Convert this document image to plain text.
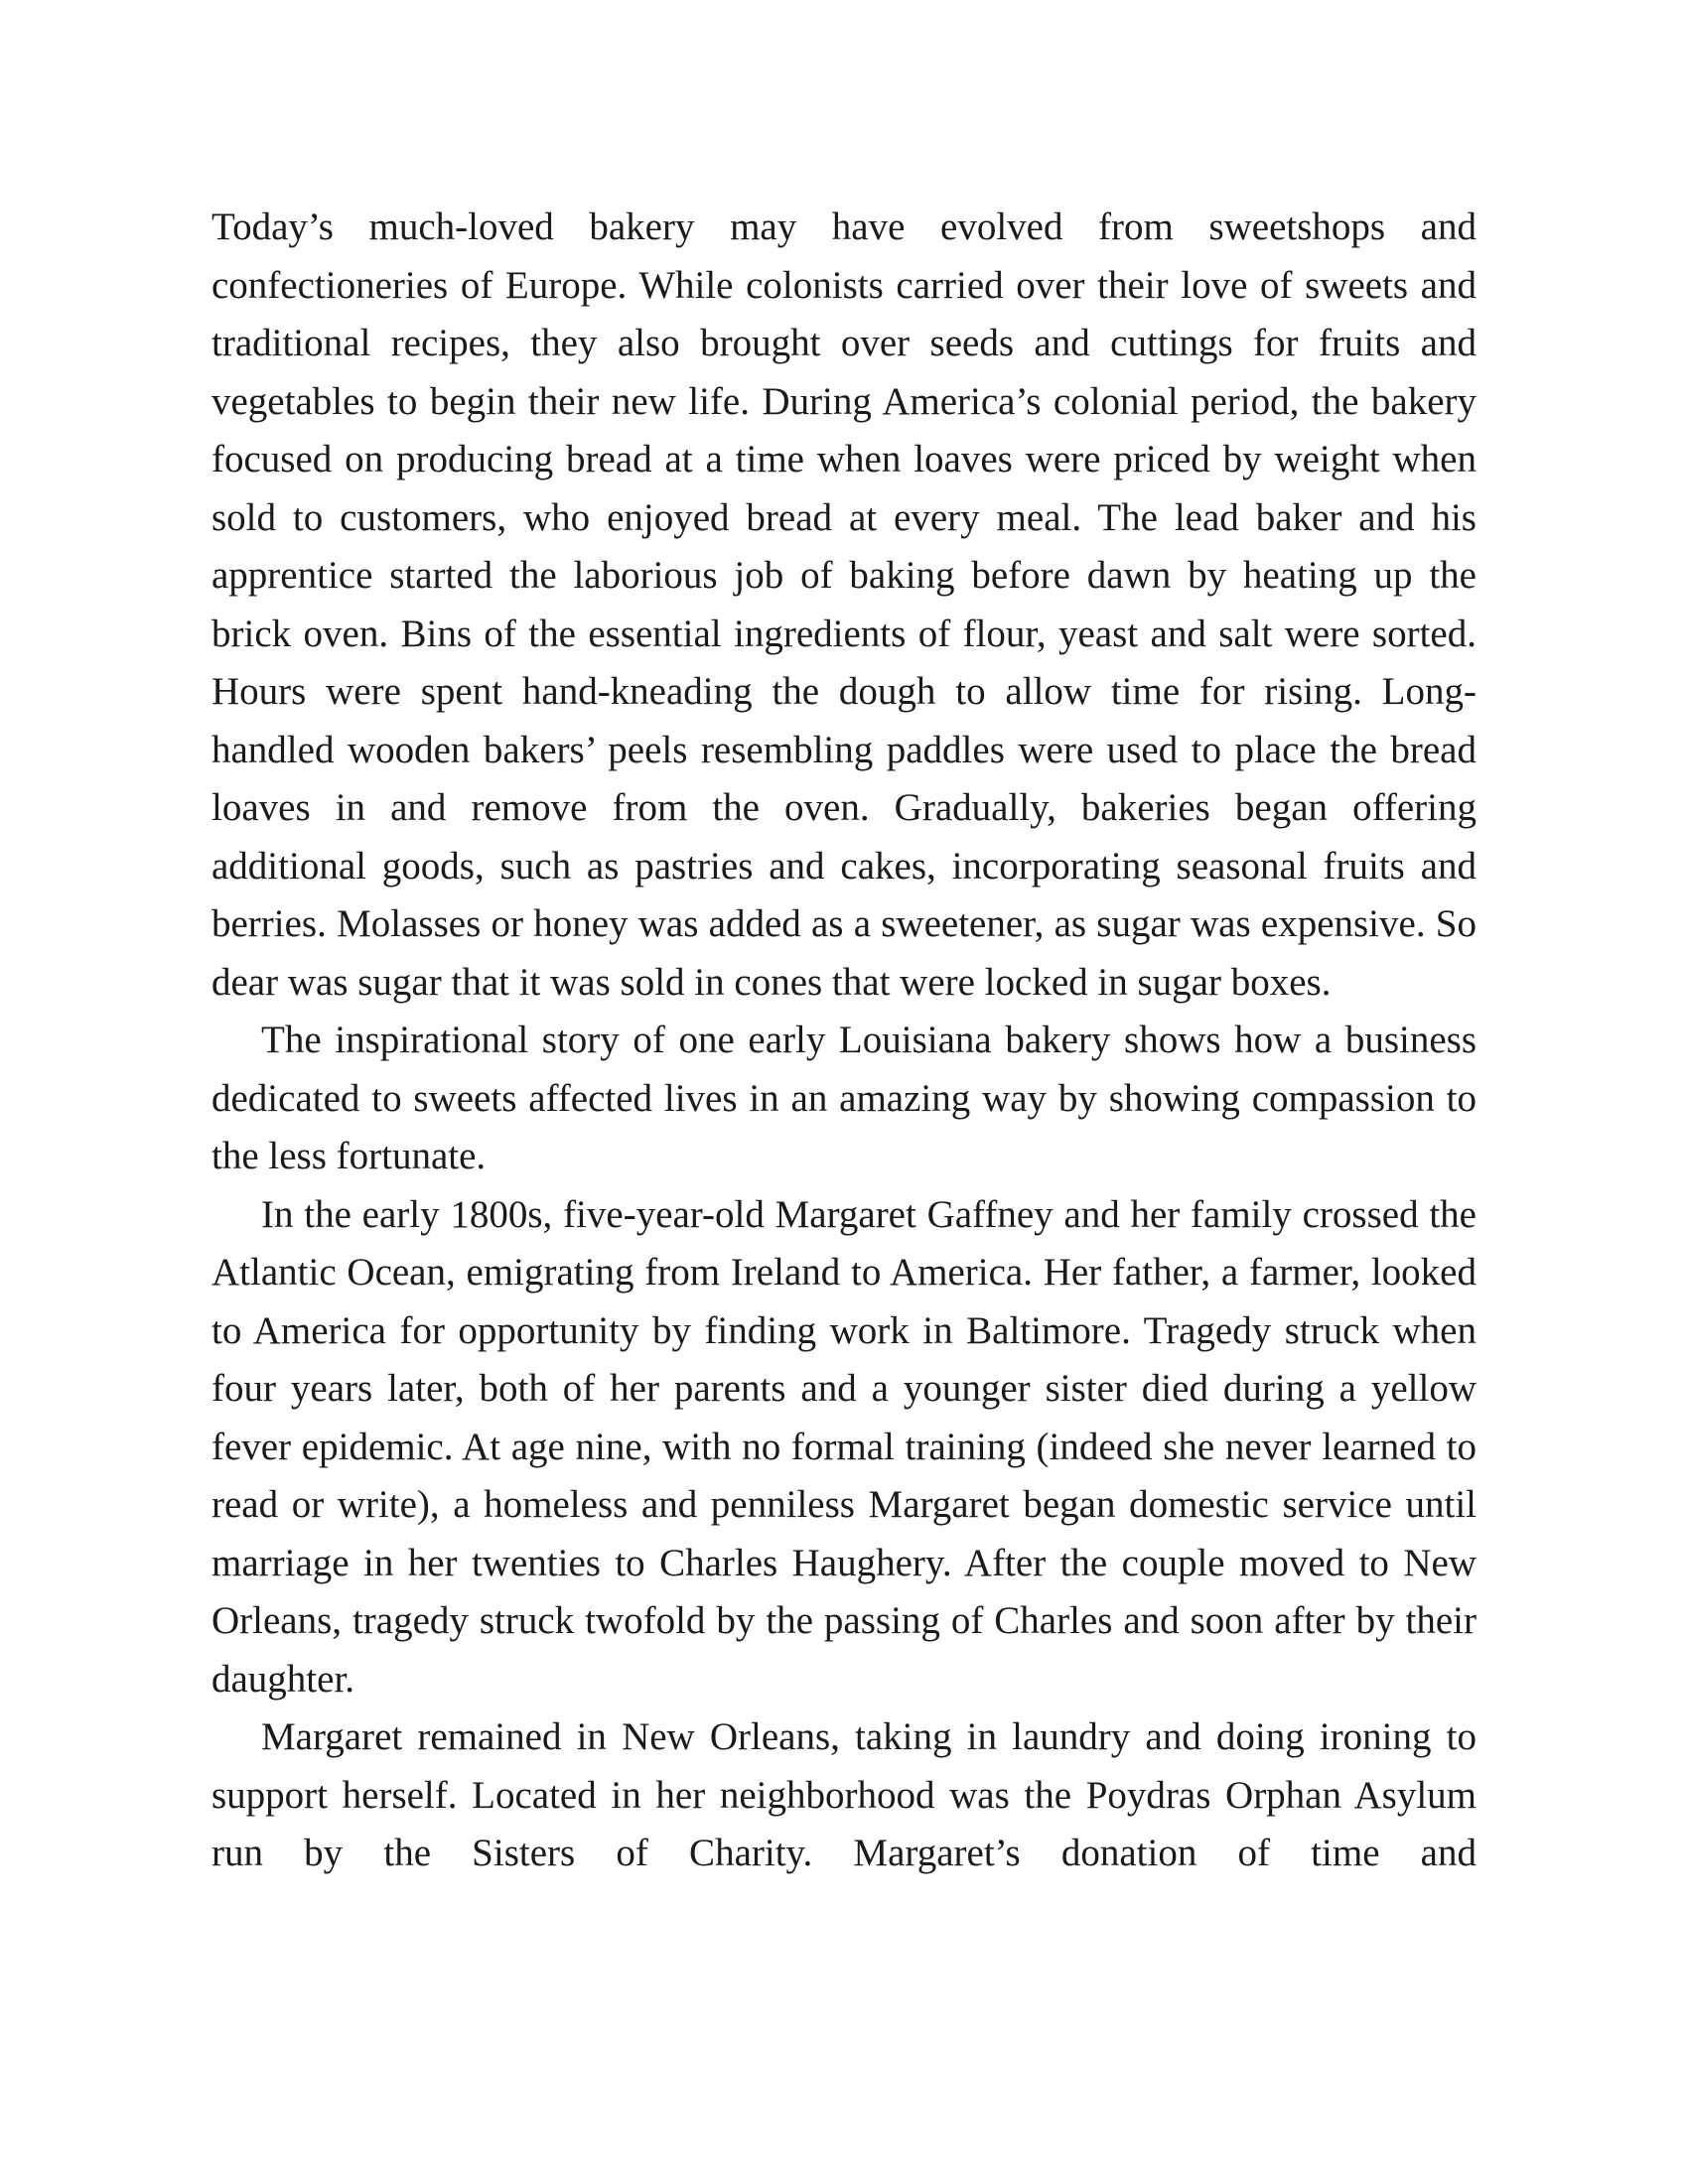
Today’s much-loved bakery may have evolved from sweetshops and confectioneries of Europe. While colonists carried over their love of sweets and traditional recipes, they also brought over seeds and cuttings for fruits and vegetables to begin their new life. During America’s colonial period, the bakery focused on producing bread at a time when loaves were priced by weight when sold to customers, who enjoyed bread at every meal. The lead baker and his apprentice started the laborious job of baking before dawn by heating up the brick oven. Bins of the essential ingredients of flour, yeast and salt were sorted. Hours were spent hand-kneading the dough to allow time for rising. Long-handled wooden bakers’ peels resembling paddles were used to place the bread loaves in and remove from the oven. Gradually, bakeries began offering additional goods, such as pastries and cakes, incorporating seasonal fruits and berries. Molasses or honey was added as a sweetener, as sugar was expensive. So dear was sugar that it was sold in cones that were locked in sugar boxes.

The inspirational story of one early Louisiana bakery shows how a business dedicated to sweets affected lives in an amazing way by showing compassion to the less fortunate.

In the early 1800s, five-year-old Margaret Gaffney and her family crossed the Atlantic Ocean, emigrating from Ireland to America. Her father, a farmer, looked to America for opportunity by finding work in Baltimore. Tragedy struck when four years later, both of her parents and a younger sister died during a yellow fever epidemic. At age nine, with no formal training (indeed she never learned to read or write), a homeless and penniless Margaret began domestic service until marriage in her twenties to Charles Haughery. After the couple moved to New Orleans, tragedy struck twofold by the passing of Charles and soon after by their daughter.

Margaret remained in New Orleans, taking in laundry and doing ironing to support herself. Located in her neighborhood was the Poydras Orphan Asylum run by the Sisters of Charity. Margaret’s donation of time and
